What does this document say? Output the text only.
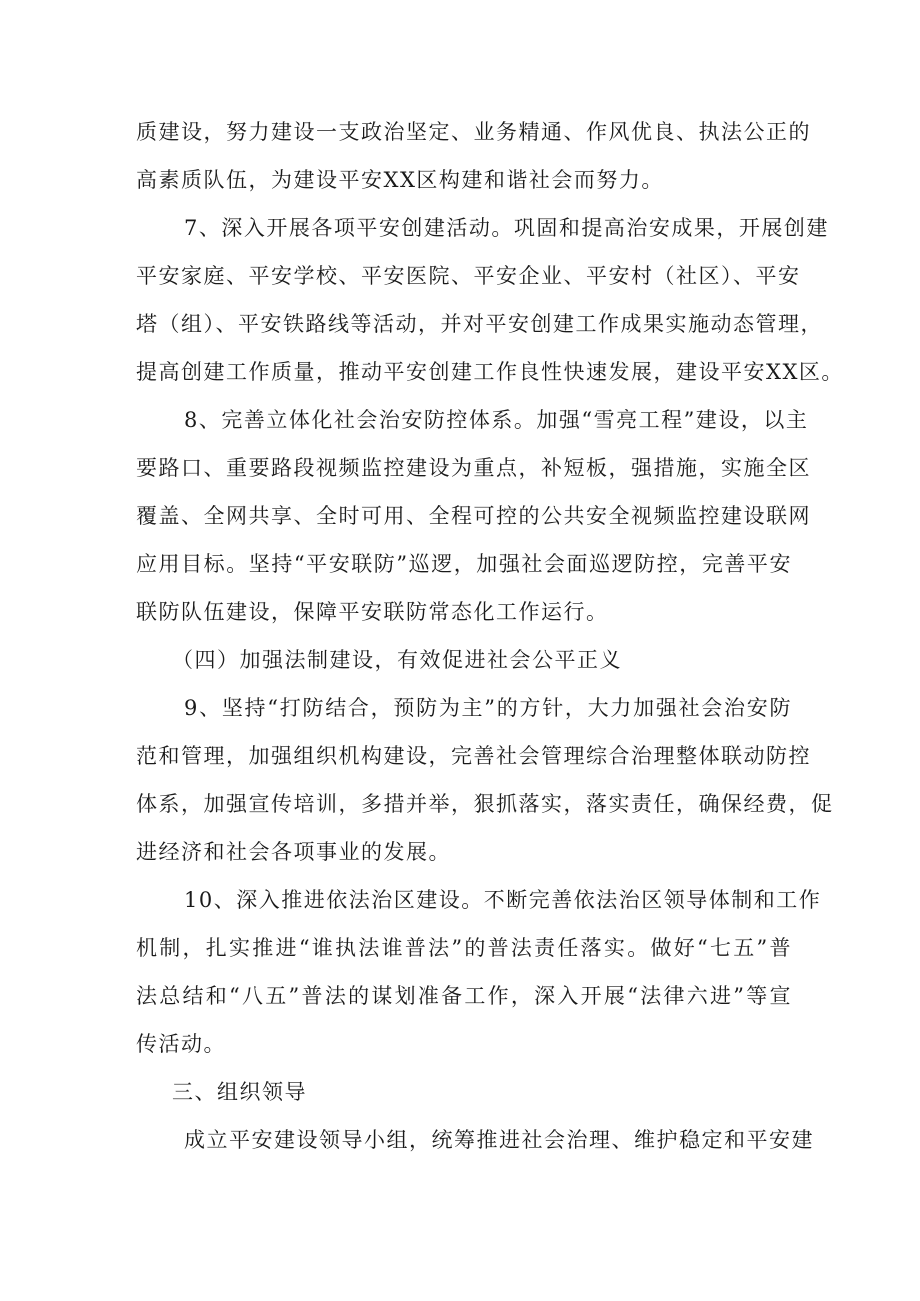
质建设，努力建设一支政治坚定、业务精通、作风优良、执法公正的
高素质队伍，为建设平安XX区构建和谐社会而努力。
7、深入开展各项平安创建活动。巩固和提高治安成果，开展创建
平安家庭、平安学校、平安医院、平安企业、平安村（社区）、平安
塔（组）、平安铁路线等活动，并对平安创建工作成果实施动态管理，
提高创建工作质量，推动平安创建工作良性快速发展，建设平安XX区。
8、完善立体化社会治安防控体系。加强“雪亮工程”建设，以主
要路口、重要路段视频监控建设为重点，补短板，强措施，实施全区
覆盖、全网共享、全时可用、全程可控的公共安全视频监控建设联网
应用目标。坚持“平安联防”巡逻，加强社会面巡逻防控，完善平安
联防队伍建设，保障平安联防常态化工作运行。
（四）加强法制建设，有效促进社会公平正义
9、坚持“打防结合，预防为主”的方针，大力加强社会治安防
范和管理，加强组织机构建设，完善社会管理综合治理整体联动防控
体系，加强宣传培训，多措并举，狠抓落实，落实责任，确保经费，促
进经济和社会各项事业的发展。
10、深入推进依法治区建设。不断完善依法治区领导体制和工作
机制，扎实推进“谁执法谁普法”的普法责任落实。做好“七五”普
法总结和“八五”普法的谋划准备工作，深入开展“法律六进”等宣
传活动。
三、组织领导
成立平安建设领导小组，统筹推进社会治理、维护稳定和平安建
